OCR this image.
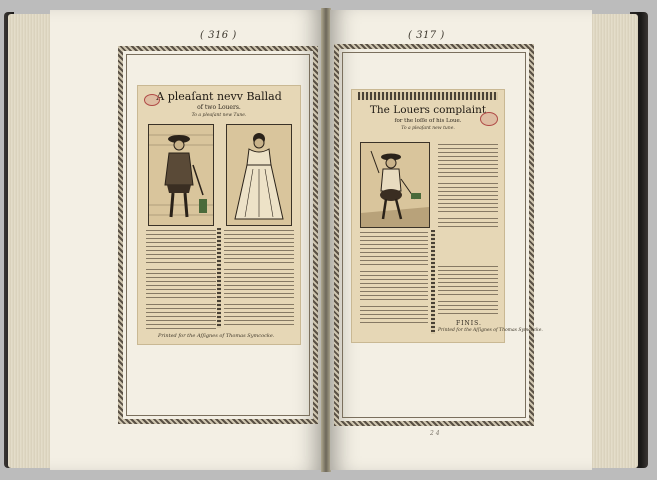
( 316 )
A pleaſant nevv Ballad
of two Louers.
To a pleaſant new Tune.
Printed for the Aſſignes of Thomas Symcocke.
( 317 )
The Louers complaint
for the loſſe of his Loue.
To a pleaſant new tune.
FINIS.
Printed for the Aſſignes of Thomas Symcocke.
2 4
